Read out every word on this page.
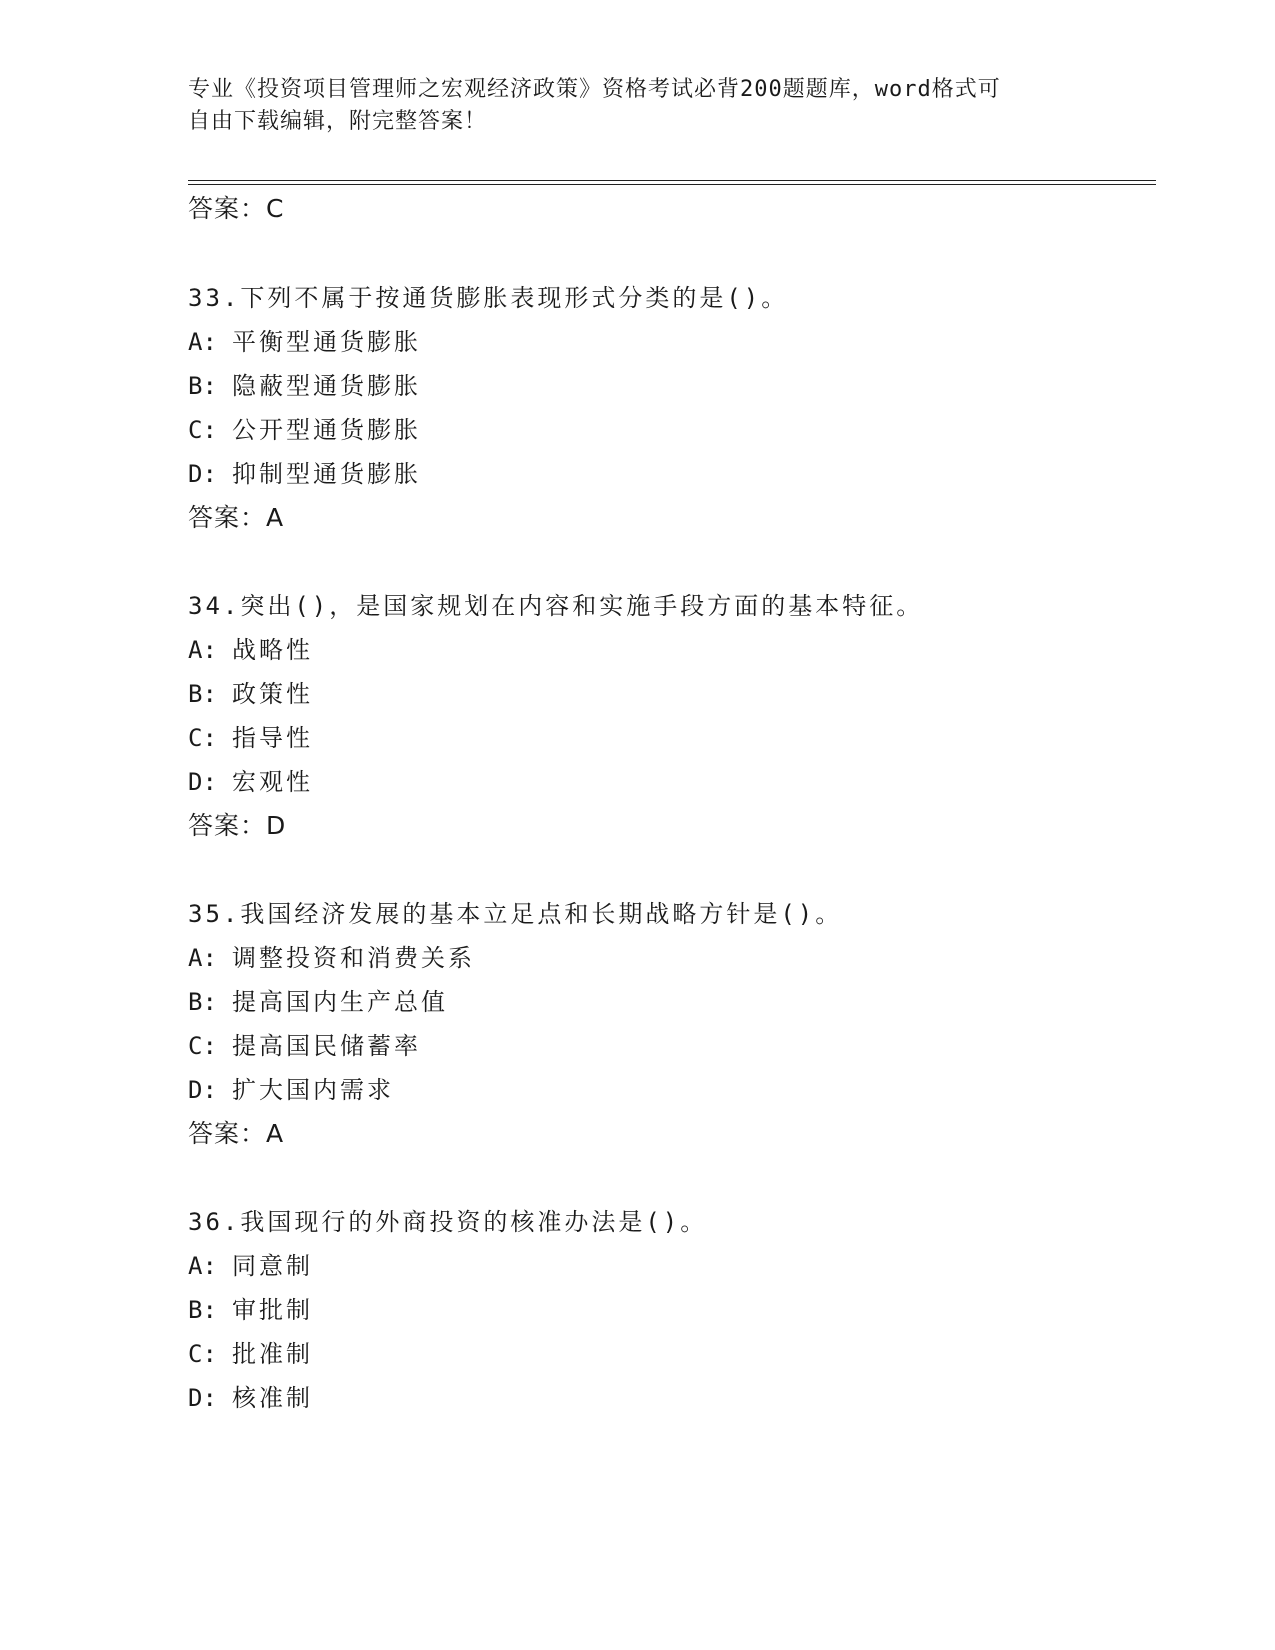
专业《投资项目管理师之宏观经济政策》资格考试必背200题题库，word格式可
自由下载编辑，附完整答案！
答案：C
33.下列不属于按通货膨胀表现形式分类的是()。
A: 平衡型通货膨胀
B: 隐蔽型通货膨胀
C: 公开型通货膨胀
D: 抑制型通货膨胀
答案：A
34.突出()，是国家规划在内容和实施手段方面的基本特征。
A: 战略性
B: 政策性
C: 指导性
D: 宏观性
答案：D
35.我国经济发展的基本立足点和长期战略方针是()。
A: 调整投资和消费关系
B: 提高国内生产总值
C: 提高国民储蓄率
D: 扩大国内需求
答案：A
36.我国现行的外商投资的核准办法是()。
A: 同意制
B: 审批制
C: 批准制
D: 核准制
